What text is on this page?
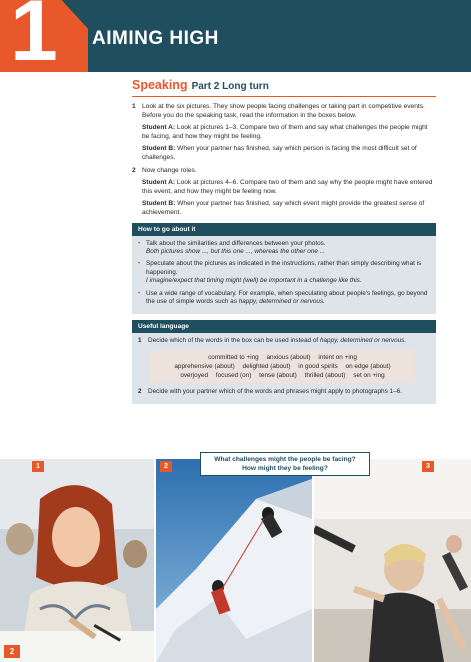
1 AIMING HIGH
Speaking Part 2 Long turn
1 Look at the six pictures. They show people facing challenges or taking part in competitive events. Before you do the speaking task, read the information in the boxes below.
Student A: Look at pictures 1–3. Compare two of them and say what challenges the people might be facing, and how they might be feeling.
Student B: When your partner has finished, say which person is facing the most difficult set of challenges.
2 Now change roles.
Student A: Look at pictures 4–6. Compare two of them and say why the people might have entered this event, and how they might be feeling now.
Student B: When your partner has finished, say which event might provide the greatest sense of achievement.
How to go about it
• Talk about the similarities and differences between your photos.
Both pictures show ..., but this one ..., whereas the other one ...
• Speculate about the pictures as indicated in the instructions, rather than simply describing what is happening.
I imagine/expect that timing might (well) be important in a challenge like this.
• Use a wide range of vocabulary. For example, when speculating about people's feelings, go beyond the use of simple words such as happy, determined or nervous.
Useful language
1 Decide which of the words in the box can be used instead of happy, determined or nervous.
committed to +ing anxious (about) intent on +ing
apprehensive (about) delighted (about) in good spirits on edge (about)
overjoyed focused (on) tense (about) thrilled (about) set on +ing
2 Decide with your partner which of the words and phrases might apply to photographs 1–6.
1	2	3
What challenges might the people be facing?
How might they be feeling?
2
